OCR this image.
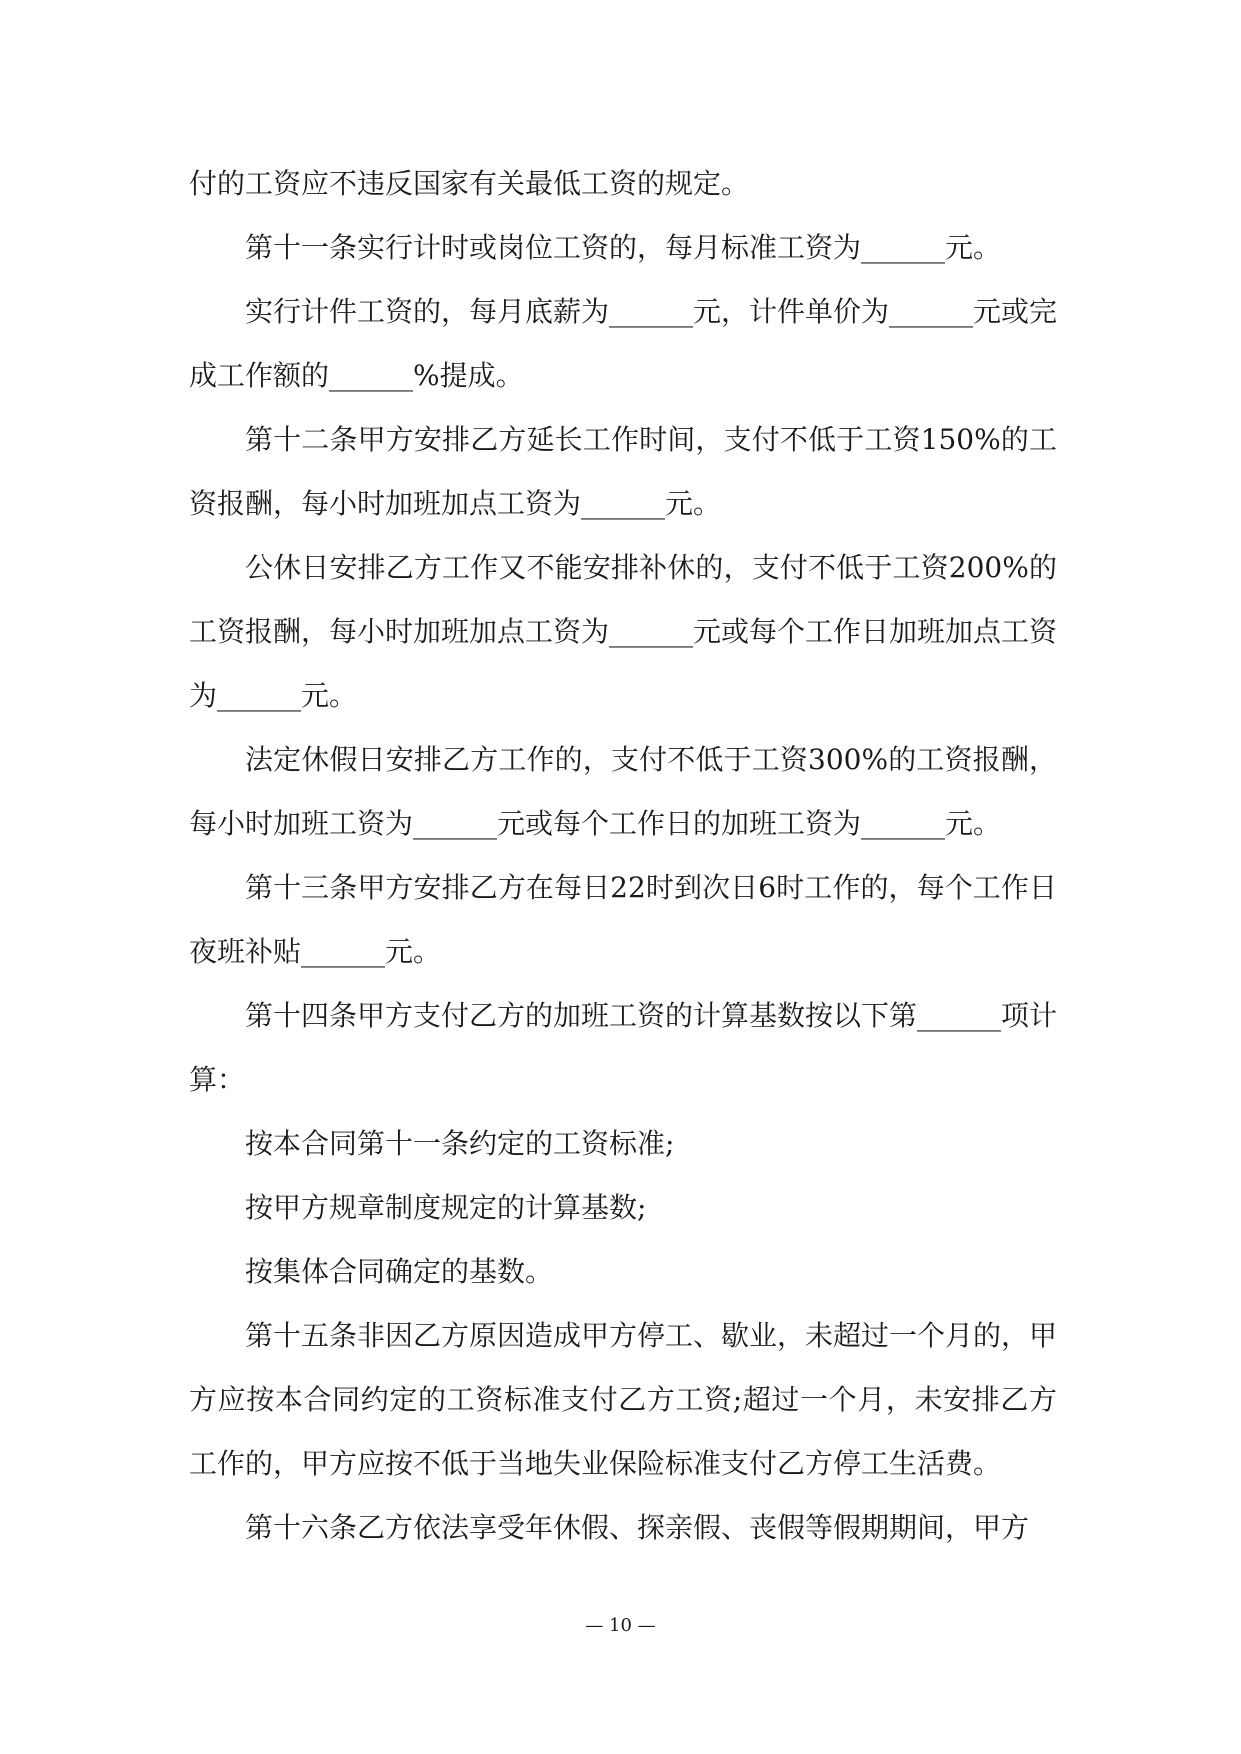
付的工资应不违反国家有关最低工资的规定。

第十一条实行计时或岗位工资的，每月标准工资为______元。

实行计件工资的，每月底薪为______元，计件单价为______元或完成工作额的______%提成。

第十二条甲方安排乙方延长工作时间，支付不低于工资150%的工资报酬，每小时加班加点工资为______元。

公休日安排乙方工作又不能安排补休的，支付不低于工资200%的工资报酬，每小时加班加点工资为______元或每个工作日加班加点工资为______元。

法定休假日安排乙方工作的，支付不低于工资300%的工资报酬，每小时加班工资为______元或每个工作日的加班工资为______元。

第十三条甲方安排乙方在每日22时到次日6时工作的，每个工作日夜班补贴______元。

第十四条甲方支付乙方的加班工资的计算基数按以下第______项计算：

按本合同第十一条约定的工资标准;

按甲方规章制度规定的计算基数;

按集体合同确定的基数。

第十五条非因乙方原因造成甲方停工、歇业，未超过一个月的，甲方应按本合同约定的工资标准支付乙方工资;超过一个月，未安排乙方工作的，甲方应按不低于当地失业保险标准支付乙方停工生活费。

第十六条乙方依法享受年休假、探亲假、丧假等假期期间，甲方

— 10 —
